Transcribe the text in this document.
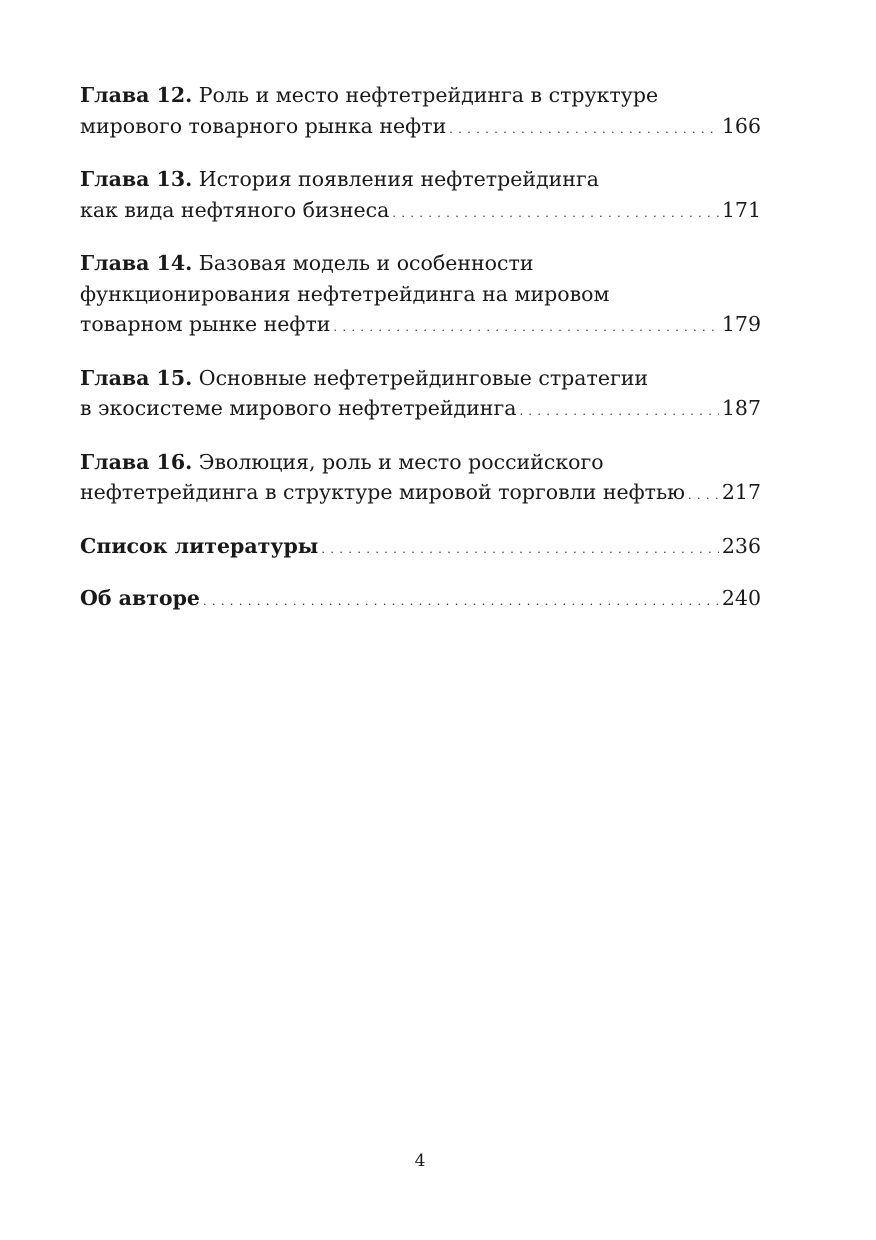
Глава 12. Роль и место нефтетрейдинга в структуре
мирового товарного рынка нефти . . .	166
Глава 13. История появления нефтетрейдинга
как вида нефтяного бизнеса . . .	171
Глава 14. Базовая модель и особенности
функционирования нефтетрейдинга на мировом
товарном рынке нефти . . .	179
Глава 15. Основные нефтетрейдинговые стратегии
в экосистеме мирового нефтетрейдинга . . .	187
Глава 16. Эволюция, роль и место российского
нефтетрейдинга в структуре мировой торговли нефтью . . . 217
Список литературы . . .	236
Об авторе . . .	240
4
